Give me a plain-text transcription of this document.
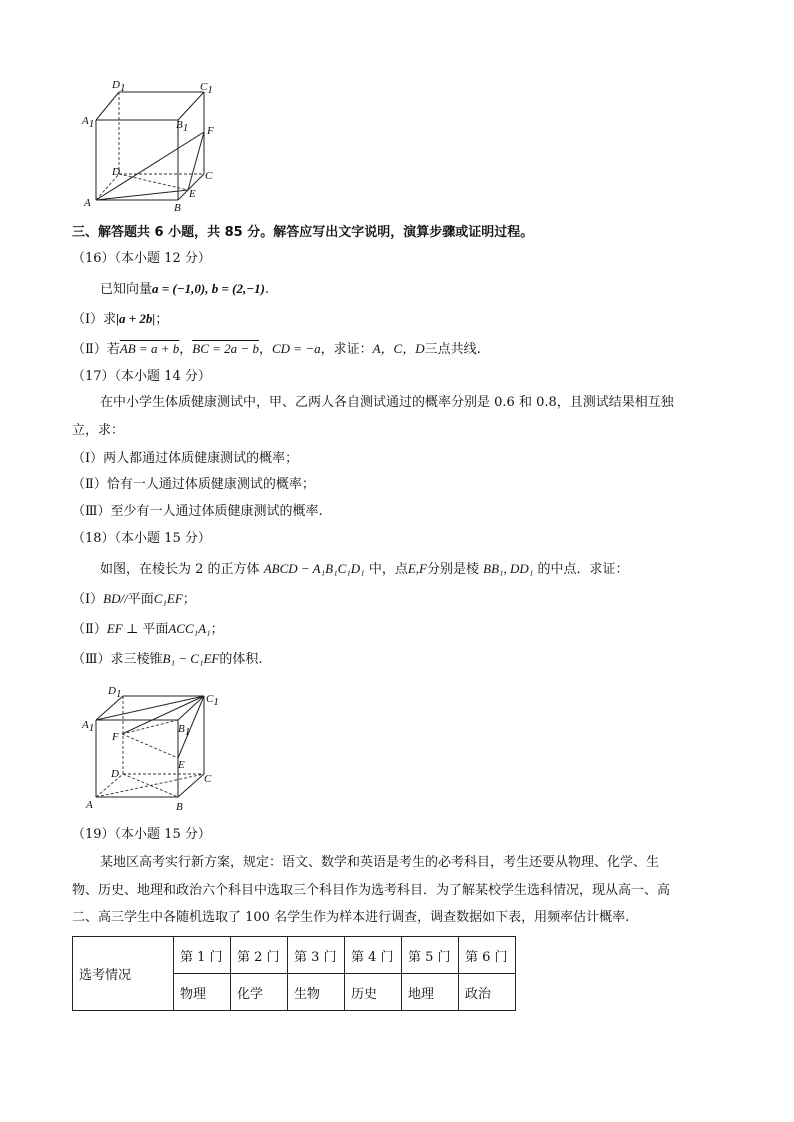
D1	C1
A1	B1 F
D	C
E
A	B
三、解答题共 6 小题，共 85 分。解答应写出文字说明，演算步骤或证明过程。
（16）（本小题 12 分）
已知向量a = (−1,0), b = (2,−1).
（Ⅰ）求|a + 2b|；
（Ⅱ）若AB = a + b，BC = 2a − b，CD = −a，求证：A，C，D三点共线.
（17）（本小题 14 分）
在中小学生体质健康测试中，甲、乙两人各自测试通过的概率分别是 0.6 和 0.8，且测试结果相互独
立，求：
（Ⅰ）两人都通过体质健康测试的概率；
（Ⅱ）恰有一人通过体质健康测试的概率；
（Ⅲ）至少有一人通过体质健康测试的概率.
（18）（本小题 15 分）
如图，在棱长为 2 的正方体 ABCD − A₁B₁C₁D₁ 中，点E,F分别是棱 BB₁, DD₁ 的中点．求证：
（Ⅰ）BD//平面C₁EF；
（Ⅱ）EF ⊥ 平面ACC₁A₁；
（Ⅲ）求三棱锥B₁ − C₁EF的体积.
D1	C1
A1	B1
F
D	C
E
A	B
（19）（本小题 15 分）
某地区高考实行新方案，规定：语文、数学和英语是考生的必考科目，考生还要从物理、化学、生
物、历史、地理和政治六个科目中选取三个科目作为选考科目．为了解某校学生选科情况，现从高一、高
二、高三学生中各随机选取了 100 名学生作为样本进行调查，调查数据如下表，用频率估计概率.
选考情况	第 1 门	第 2 门	第 3 门	第 4 门	第 5 门	第 6 门
	物理	化学	生物	历史	地理	政治
